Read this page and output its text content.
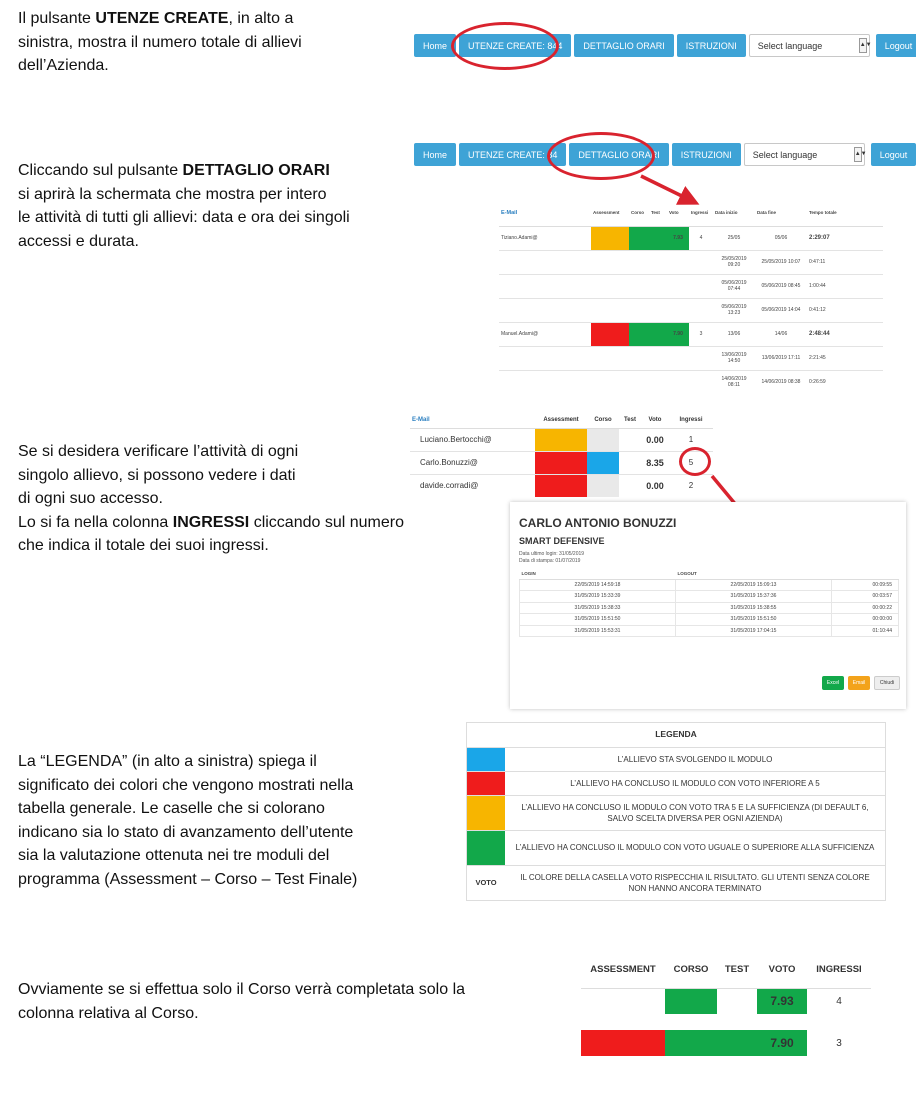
Il pulsante UTENZE CREATE, in alto a
sinistra, mostra il numero totale di allievi
dell’Azienda.
Home	UTENZE CREATE: 844	DETTAGLIO ORARI	ISTRUZIONI	Select language	▲▼	Logout
Cliccando sul pulsante DETTAGLIO ORARI
si aprirà la schermata che mostra per intero
le attività di tutti gli allievi: data e ora dei singoli
accessi e durata.
Home	UTENZE CREATE: 84	DETTAGLIO ORARI	ISTRUZIONI	Select language	▲▼	Logout
E-Mail	Assessment	Corso	Test	Voto	Ingressi	Data inizio	Data fine	Tempo totale
Tiziano.Adami@				7.93	4	25/05	05/06	2:29:07
						25/05/2019 09:20	25/05/2019 10:07	0:47:11
						05/06/2019 07:44	05/06/2019 08:45	1:00:44
						05/06/2019 13:23	05/06/2019 14:04	0:41:12
Manuel.Adami@				7.90	3	13/06	14/06	2:48:44
						13/06/2019 14:50	13/06/2019 17:11	2:21:45
						14/06/2019 08:11	14/06/2019 08:38	0:26:59
Se si desidera verificare l’attività di ogni
singolo allievo, si possono vedere i dati
di ogni suo accesso.
Lo si fa nella colonna INGRESSI cliccando sul numero
che indica il totale dei suoi ingressi.
E-Mail	Assessment	Corso	Test	Voto	Ingressi
Luciano.Bertocchi@				0.00	1
Carlo.Bonuzzi@				8.35	5
davide.corradi@				0.00	2
CARLO ANTONIO BONUZZI
SMART DEFENSIVE
Data ultimo login: 31/05/2019
Data di stampa: 01/07/2019
LOGIN	LOGOUT	
22/05/2019 14:59:18	22/05/2019 15:09:13	00:09:55
31/05/2019 15:33:39	31/05/2019 15:37:36	00:03:57
31/05/2019 15:38:33	31/05/2019 15:38:55	00:00:22
31/05/2019 15:51:50	31/05/2019 15:51:50	00:00:00
31/05/2019 15:53:31	31/05/2019 17:04:15	01:10:44
Excel	Email	Chiudi
La “LEGENDA” (in alto a sinistra) spiega il
significato dei colori che vengono mostrati nella
tabella generale. Le caselle che si colorano
indicano sia lo stato di avanzamento dell’utente
sia la valutazione ottenuta nei tre moduli del
programma (Assessment – Corso – Test Finale)
LEGENDA	
	L’ALLIEVO STA SVOLGENDO IL MODULO
	L’ALLIEVO HA CONCLUSO IL MODULO CON VOTO INFERIORE A 5
	L’ALLIEVO HA CONCLUSO IL MODULO CON VOTO TRA 5 E LA SUFFICIENZA (DI DEFAULT 6, SALVO SCELTA DIVERSA PER OGNI AZIENDA)
	L’ALLIEVO HA CONCLUSO IL MODULO CON VOTO UGUALE O SUPERIORE ALLA SUFFICIENZA
VOTO	IL COLORE DELLA CASELLA VOTO RISPECCHIA IL RISULTATO. GLI UTENTI SENZA COLORE NON HANNO ANCORA TERMINATO
Ovviamente se si effettua solo il Corso verrà completata solo la
colonna relativa al Corso.
ASSESSMENT	CORSO	TEST	VOTO	INGRESSI
			7.93	4
			7.90	3
